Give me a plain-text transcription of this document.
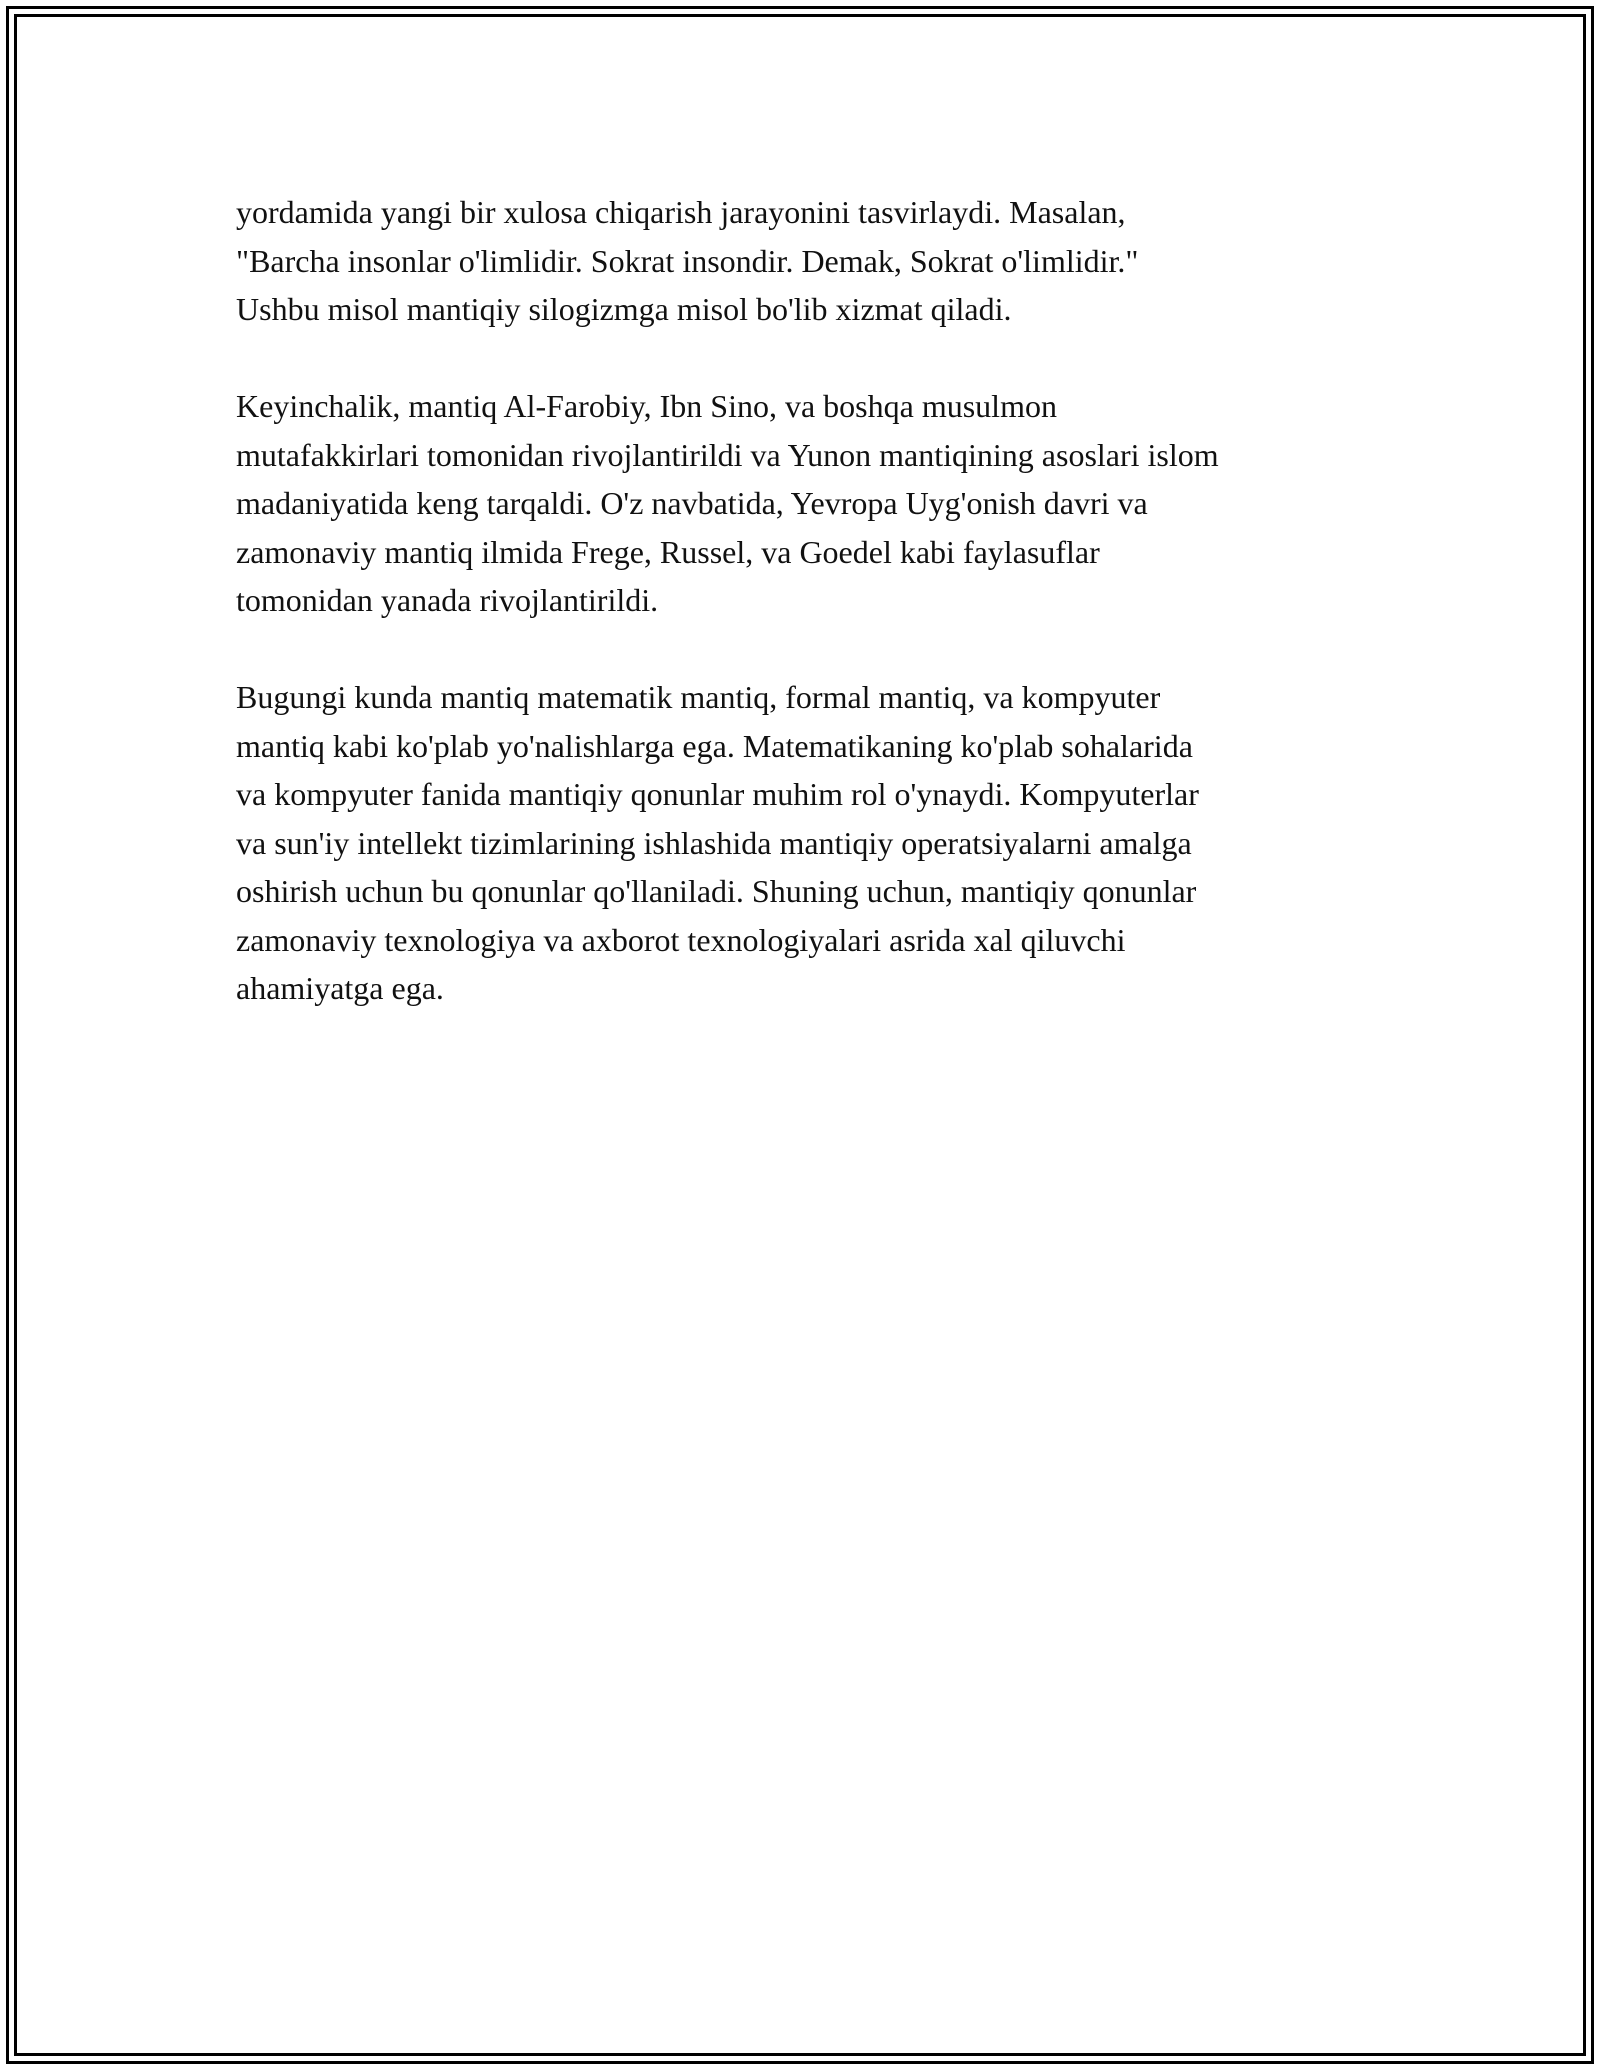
yordamida yangi bir xulosa chiqarish jarayonini tasvirlaydi. Masalan,
"Barcha insonlar o'limlidir. Sokrat insondir. Demak, Sokrat o'limlidir."
Ushbu misol mantiqiy silogizmga misol bo'lib xizmat qiladi.

Keyinchalik, mantiq Al-Farobiy, Ibn Sino, va boshqa musulmon
mutafakkirlari tomonidan rivojlantirildi va Yunon mantiqining asoslari islom
madaniyatida keng tarqaldi. O'z navbatida, Yevropa Uyg'onish davri va
zamonaviy mantiq ilmida Frege, Russel, va Goedel kabi faylasuflar
tomonidan yanada rivojlantirildi.

Bugungi kunda mantiq matematik mantiq, formal mantiq, va kompyuter
mantiq kabi ko'plab yo'nalishlarga ega. Matematikaning ko'plab sohalarida
va kompyuter fanida mantiqiy qonunlar muhim rol o'ynaydi. Kompyuterlar
va sun'iy intellekt tizimlarining ishlashida mantiqiy operatsiyalarni amalga
oshirish uchun bu qonunlar qo'llaniladi. Shuning uchun, mantiqiy qonunlar
zamonaviy texnologiya va axborot texnologiyalari asrida xal qiluvchi
ahamiyatga ega.
